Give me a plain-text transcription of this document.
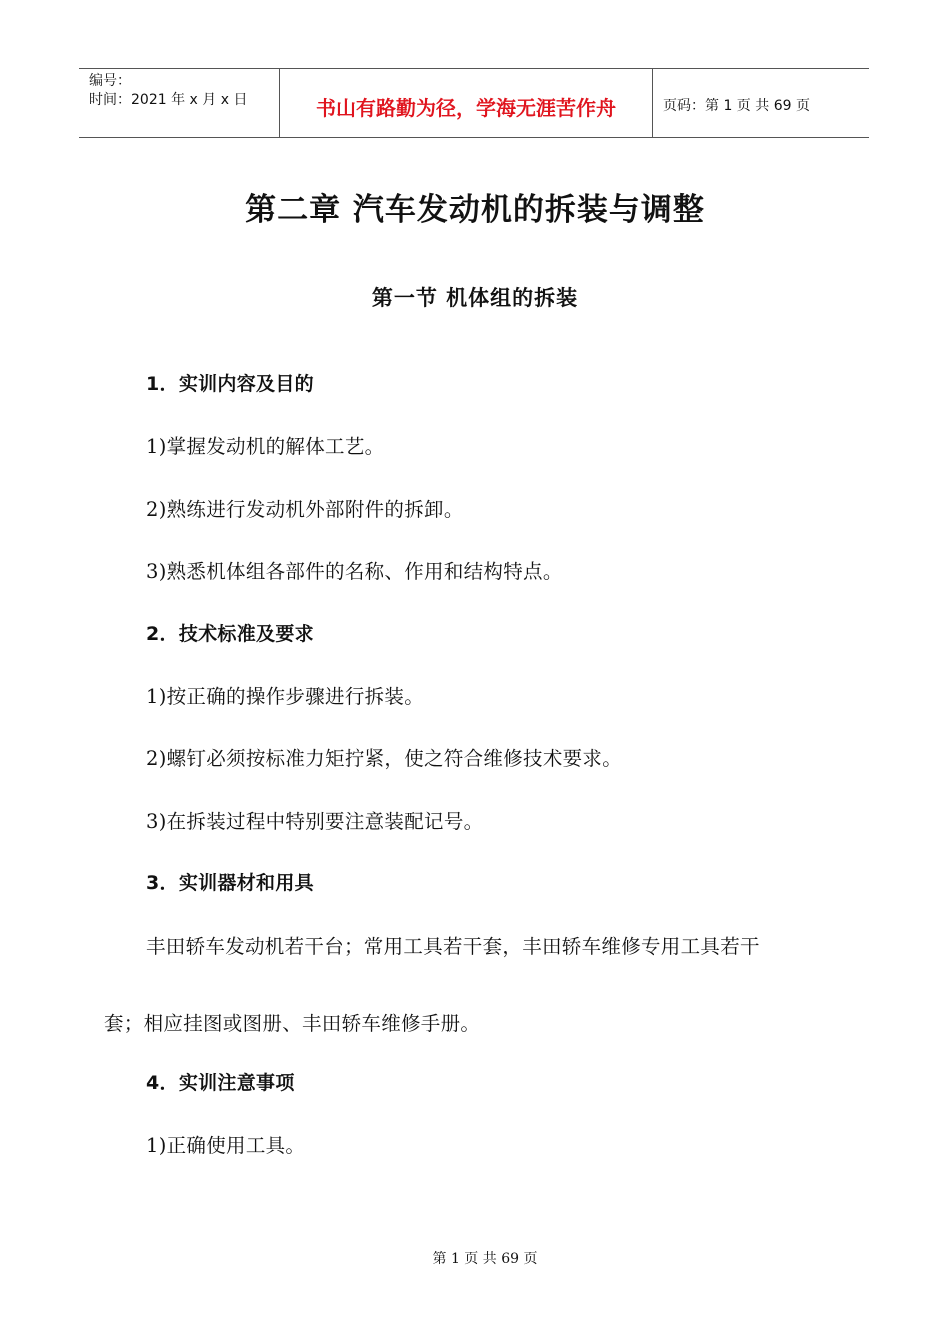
编号：
时间：2021 年 x 月 x 日	书山有路勤为径，学海无涯苦作舟	页码：第 1 页 共 69 页
第二章 汽车发动机的拆装与调整
第一节 机体组的拆装
1．实训内容及目的
1)掌握发动机的解体工艺。
2)熟练进行发动机外部附件的拆卸。
3)熟悉机体组各部件的名称、作用和结构特点。
2．技术标准及要求
1)按正确的操作步骤进行拆装。
2)螺钉必须按标准力矩拧紧，使之符合维修技术要求。
3)在拆装过程中特别要注意装配记号。
3．实训器材和用具
丰田轿车发动机若干台；常用工具若干套，丰田轿车维修专用工具若干
套；相应挂图或图册、丰田轿车维修手册。
4．实训注意事项
1)正确使用工具。
第 1 页 共 69 页
